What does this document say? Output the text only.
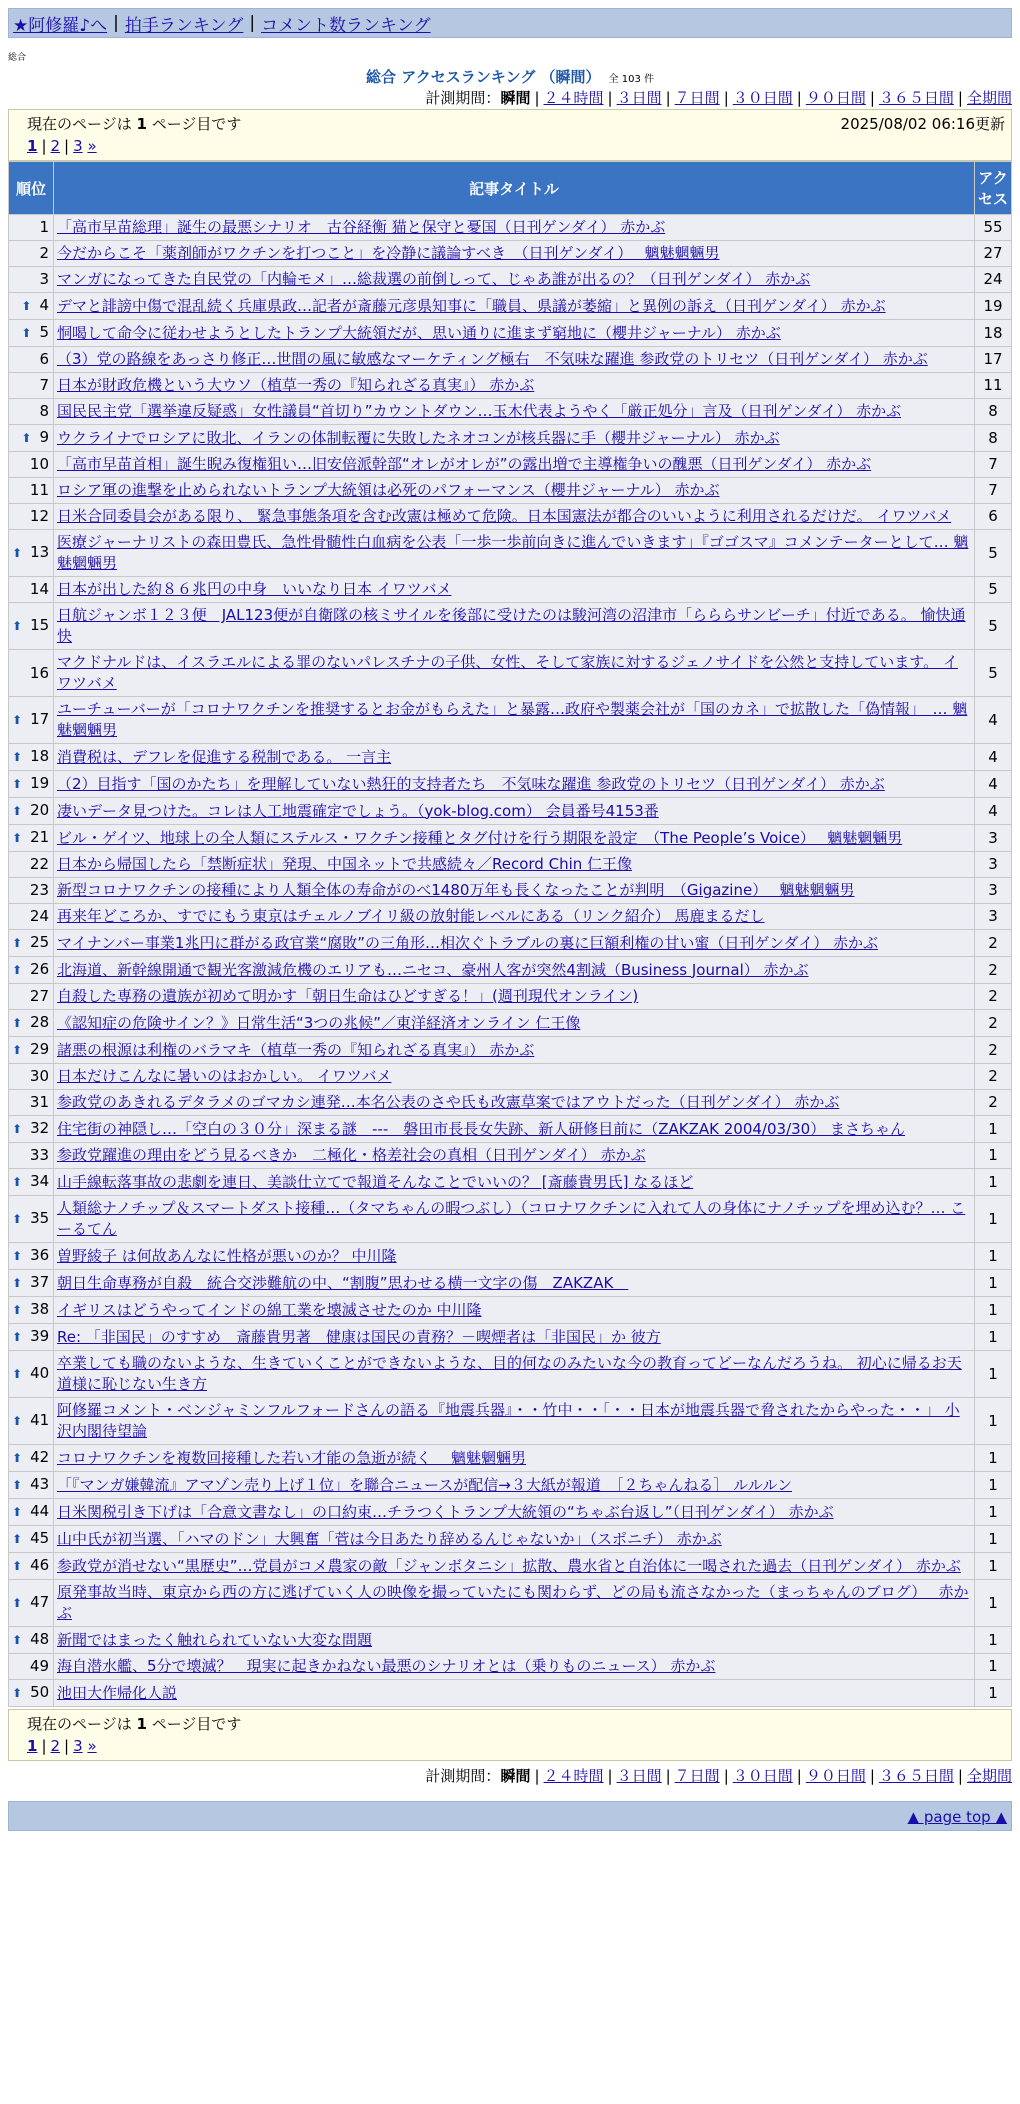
★阿修羅♪へ | 拍手ランキング | コメント数ランキング
総合
総合 アクセスランキング （瞬間） 全 103 件
計測期間：瞬間 | ２４時間 | ３日間 | ７日間 | ３０日間 | ９０日間 | ３６５日間 | 全期間
現在のページは 1 ページ目です	2025/08/02 06:16更新
1 | 2 | 3 »
順位	記事タイトル	アクセス
1	「高市早苗総理」誕生の最悪シナリオ　古谷経衡 猫と保守と憂国（日刊ゲンダイ） 赤かぶ	55
2	今だからこそ「薬剤師がワクチンを打つこと」を冷静に議論すべき　（日刊ゲンダイ）　 魑魅魍魎男	27
3	マンガになってきた自民党の「内輪モメ」…総裁選の前倒しって、じゃあ誰が出るの？（日刊ゲンダイ） 赤かぶ	24
⬆ 4	デマと誹謗中傷で混乱続く兵庫県政…記者が斎藤元彦県知事に「職員、県議が萎縮」と異例の訴え（日刊ゲンダイ） 赤かぶ	19
⬆ 5	恫喝して命令に従わせようとしたトランプ大統領だが、思い通りに進まず窮地に（櫻井ジャーナル） 赤かぶ	18
6	（3）党の路線をあっさり修正…世間の風に敏感なマーケティング極右　不気味な躍進 参政党のトリセツ（日刊ゲンダイ） 赤かぶ	17
7	日本が財政危機という大ウソ（植草一秀の『知られざる真実』） 赤かぶ	11
8	国民民主党「選挙違反疑惑」女性議員“首切り”カウントダウン…玉木代表ようやく「厳正処分」言及（日刊ゲンダイ） 赤かぶ	8
⬆ 9	ウクライナでロシアに敗北、イランの体制転覆に失敗したネオコンが核兵器に手（櫻井ジャーナル） 赤かぶ	8
10	「高市早苗首相」誕生睨み復権狙い…旧安倍派幹部“オレがオレが”の露出増で主導権争いの醜悪（日刊ゲンダイ） 赤かぶ	7
11	ロシア軍の進撃を止められないトランプ大統領は必死のパフォーマンス（櫻井ジャーナル） 赤かぶ	7
12	日米合同委員会がある限り、 緊急事態条項を含む改憲は極めて危険。日本国憲法が都合のいいように利用されるだけだ。 イワツバメ	6
⬆ 13	医療ジャーナリストの森田豊氏、急性骨髄性白血病を公表「一歩一歩前向きに進んでいきます」『ゴゴスマ』コメンテーターとして… 魑魅魍魎男	5
14	日本が出した約８６兆円の中身　いいなり日本 イワツバメ	5
⬆ 15	日航ジャンボ１２３便　JAL123便が自衛隊の核ミサイルを後部に受けたのは駿河湾の沼津市「らららサンビーチ」付近である。 愉快通快	5
16	マクドナルドは、イスラエルによる罪のないパレスチナの子供、女性、そして家族に対するジェノサイドを公然と支持しています。 イワツバメ	5
⬆ 17	ユーチューバーが「コロナワクチンを推奨するとお金がもらえた」と暴露…政府や製薬会社が「国のカネ」で拡散した「偽情報」　… 魑魅魍魎男	4
⬆ 18	消費税は、デフレを促進する税制である。 一言主	4
⬆ 19	（2）目指す「国のかたち」を理解していない熱狂的支持者たち　不気味な躍進 参政党のトリセツ（日刊ゲンダイ） 赤かぶ	4
⬆ 20	凄いデータ見つけた。コレは人工地震確定でしょう。（yok-blog.com） 会員番号4153番	4
⬆ 21	ビル・ゲイツ、地球上の全人類にステルス・ワクチン接種とタグ付けを行う期限を設定　（The People’s Voice）　 魑魅魍魎男	3
22	日本から帰国したら「禁断症状」発現、中国ネットで共感続々／Record Chin 仁王像	3
23	新型コロナワクチンの接種により人類全体の寿命がのべ1480万年も長くなったことが判明　（Gigazine）　 魑魅魍魎男	3
24	再来年どころか、すでにもう東京はチェルノブイリ級の放射能レベルにある（リンク紹介） 馬鹿まるだし	3
⬆ 25	マイナンバー事業1兆円に群がる政官業“腐敗”の三角形…相次ぐトラブルの裏に巨額利権の甘い蜜（日刊ゲンダイ） 赤かぶ	2
⬆ 26	北海道、新幹線開通で観光客激減危機のエリアも…ニセコ、豪州人客が突然4割減（Business Journal） 赤かぶ	2
27	自殺した専務の遺族が初めて明かす「朝日生命はひどすぎる！」(週刊現代オンライン)	2
⬆ 28	《認知症の危険サイン？》日常生活“3つの兆候”／東洋経済オンライン 仁王像	2
⬆ 29	諸悪の根源は利権のバラマキ（植草一秀の『知られざる真実』） 赤かぶ	2
30	日本だけこんなに暑いのはおかしい。 イワツバメ	2
31	参政党のあきれるデタラメのゴマカシ連発…本名公表のさや氏も改憲草案ではアウトだった（日刊ゲンダイ） 赤かぶ	2
⬆ 32	住宅街の神隠し…「空白の３０分」深まる謎　---　磐田市長長女失跡、新人研修目前に（ZAKZAK 2004/03/30） まさちゃん	1
33	参政党躍進の理由をどう見るべきか　二極化・格差社会の真相（日刊ゲンダイ） 赤かぶ	1
⬆ 34	山手線転落事故の悲劇を連日、美談仕立てで報道そんなことでいいの？ [斎藤貴男氏] なるほど	1
⬆ 35	人類総ナノチップ＆スマートダスト接種…（タマちゃんの暇つぶし）（コロナワクチンに入れて人の身体にナノチップを埋め込む？… こーるてん	1
⬆ 36	曽野綾子 は何故あんなに性格が悪いのか？ 中川隆	1
⬆ 37	朝日生命専務が自殺　統合交渉難航の中、“割腹”思わせる横一文字の傷　ZAKZAK　	1
⬆ 38	イギリスはどうやってインドの綿工業を壊滅させたのか 中川隆	1
⬆ 39	Re: 「非国民」のすすめ　斎藤貴男著　健康は国民の責務？－喫煙者は「非国民」か 彼方	1
⬆ 40	卒業しても職のないような、生きていくことができないような、目的何なのみたいな今の教育ってどーなんだろうね。 初心に帰るお天道様に恥じない生き方	1
⬆ 41	阿修羅コメント・ベンジャミンフルフォードさんの語る『地震兵器』・・竹中・・「・・日本が地震兵器で脅されたからやった・・」 小沢内閣待望論	1
⬆ 42	コロナワクチンを複数回接種した若い才能の急逝が続く　 魑魅魍魎男	1
⬆ 43	「『マンガ嫌韓流』アマゾン売り上げ１位」を聯合ニュースが配信→３大紙が報道　［２ちゃんねる］ ルルルン	1
⬆ 44	日米関税引き下げは「合意文書なし」の口約束…チラつくトランプ大統領の“ちゃぶ台返し”（日刊ゲンダイ） 赤かぶ	1
⬆ 45	山中氏が初当選、「ハマのドン」大興奮「菅は今日あたり辞めるんじゃないか」（スポニチ） 赤かぶ	1
⬆ 46	参政党が消せない“黒歴史”…党員がコメ農家の敵「ジャンボタニシ」拡散、農水省と自治体に一喝された過去（日刊ゲンダイ） 赤かぶ	1
⬆ 47	原発事故当時、東京から西の方に逃げていく人の映像を撮っていたにも関わらず、どの局も流さなかった（まっちゃんのブログ）　 赤かぶ	1
⬆ 48	新聞ではまったく触れられていない大変な問題	1
49	海自潜水艦、5分で壊滅？　現実に起きかねない最悪のシナリオとは（乗りものニュース） 赤かぶ	1
⬆ 50	池田大作帰化人説	1
現在のページは 1 ページ目です
1 | 2 | 3 »
計測期間：瞬間 | ２４時間 | ３日間 | ７日間 | ３０日間 | ９０日間 | ３６５日間 | 全期間
▲ page top ▲
